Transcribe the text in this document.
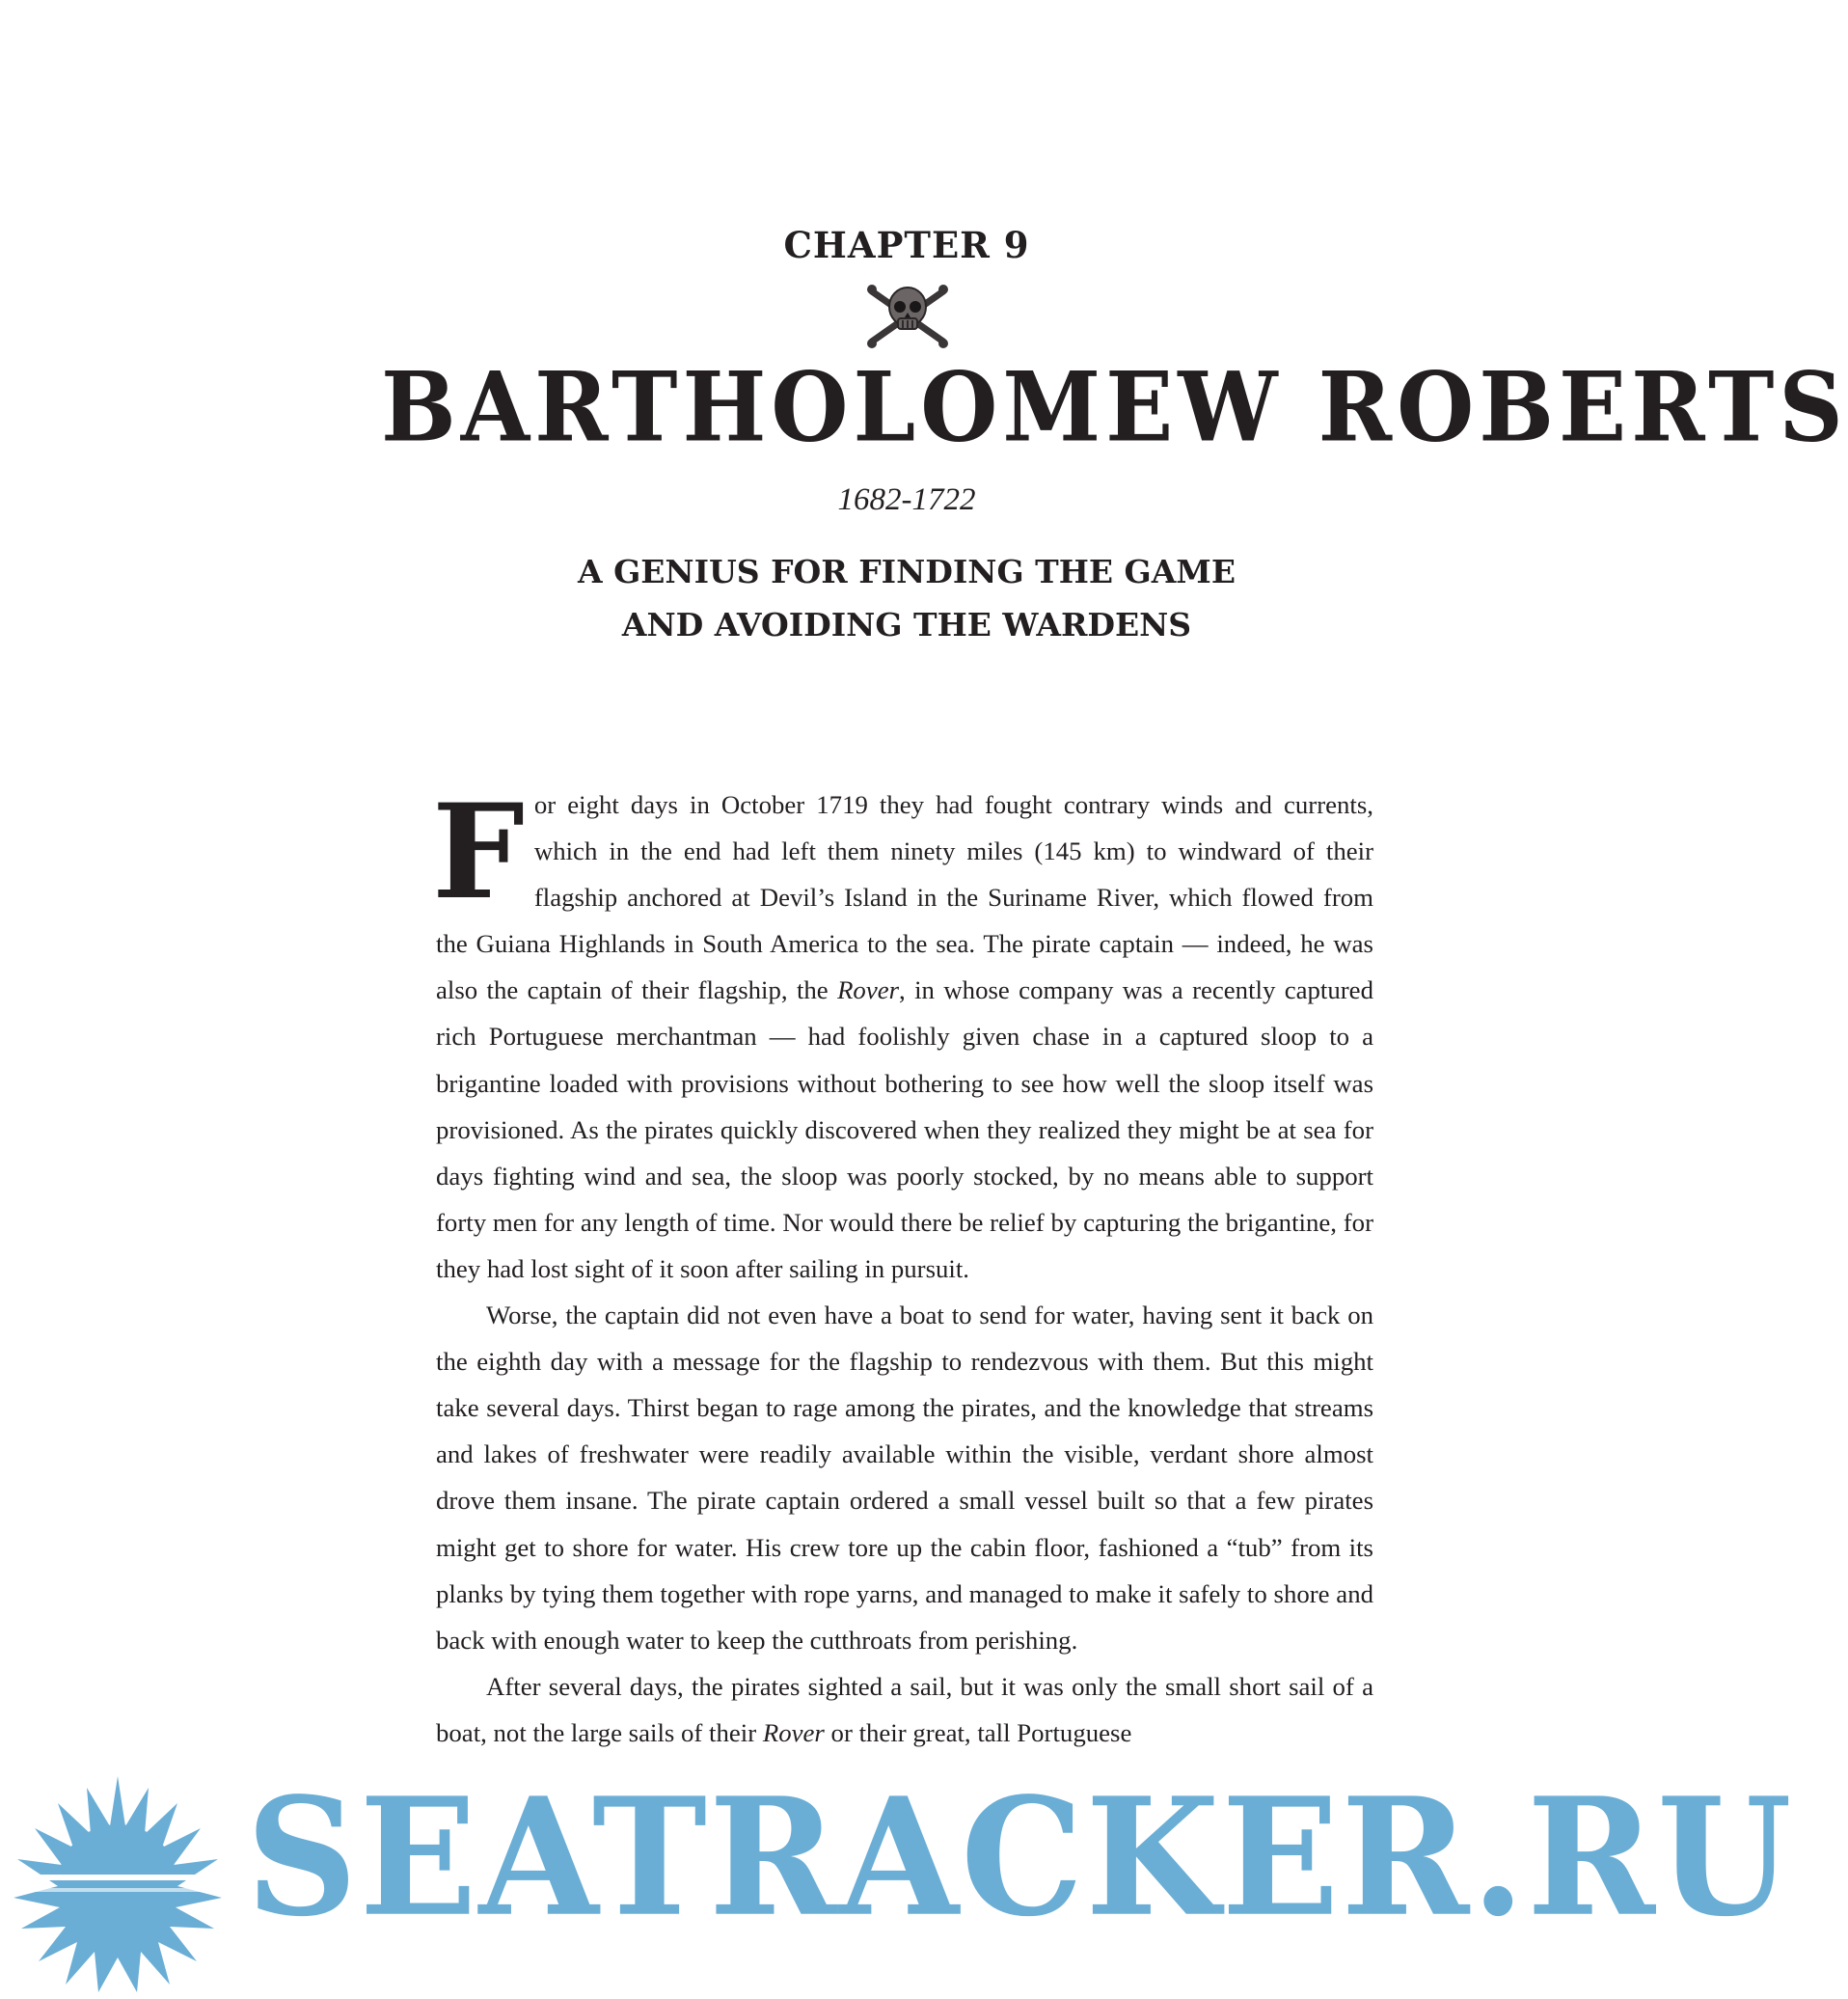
CHAPTER 9
BARTHOLOMEW ROBERTS
1682-1722
A GENIUS FOR FINDING THE GAME
AND AVOIDING THE WARDENS

For eight days in October 1719 they had fought contrary winds and currents, which in the end had left them ninety miles (145 km) to windward of their flagship anchored at Devil’s Island in the Suriname River, which flowed from the Guiana Highlands in South America to the sea. The pirate captain — indeed, he was also the captain of their flagship, the Rover, in whose company was a recently captured rich Portuguese merchantman — had foolishly given chase in a captured sloop to a brigantine loaded with provisions without bothering to see how well the sloop itself was provisioned. As the pirates quickly discovered when they realized they might be at sea for days fighting wind and sea, the sloop was poorly stocked, by no means able to support forty men for any length of time. Nor would there be relief by capturing the brigantine, for they had lost sight of it soon after sailing in pursuit.

Worse, the captain did not even have a boat to send for water, having sent it back on the eighth day with a message for the flagship to rendezvous with them. But this might take several days. Thirst began to rage among the pirates, and the knowledge that streams and lakes of freshwater were readily available within the visible, verdant shore almost drove them insane. The pirate captain ordered a small vessel built so that a few pirates might get to shore for water. His crew tore up the cabin floor, fashioned a “tub” from its planks by tying them together with rope yarns, and managed to make it safely to shore and back with enough water to keep the cutthroats from perishing.

After several days, the pirates sighted a sail, but it was only the small short sail of a boat, not the large sails of their Rover or their great, tall Portuguese

SEATRACKER.RU
